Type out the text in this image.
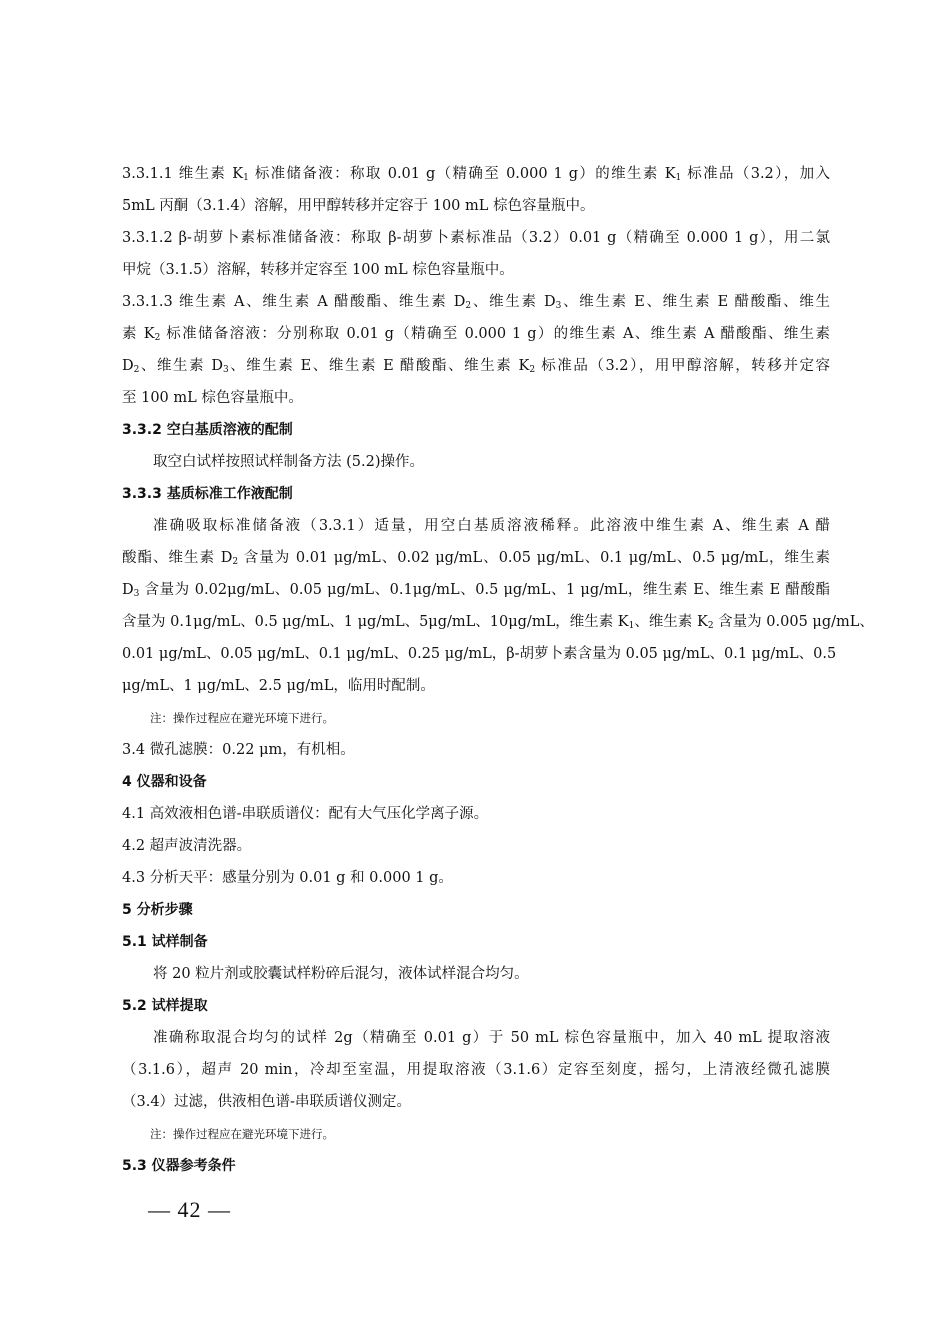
3.3.1.1 维生素 $K_1$ 标准储备液：称取 0.01 g（精确至 0.000 1 g）的维生素 $K_1$ 标准品（3.2），加入
5mL 丙酮（3.1.4）溶解，用甲醇转移并定容于 100 mL 棕色容量瓶中。
3.3.1.2 β-胡萝卜素标准储备液：称取 β-胡萝卜素标准品（3.2）0.01 g（精确至 0.000 1 g），用二氯
甲烷（3.1.5）溶解，转移并定容至 100 mL 棕色容量瓶中。
3.3.1.3 维生素 A、维生素 A 醋酸酯、维生素 $D_2$、维生素 $D_3$、维生素 E、维生素 E 醋酸酯、维生
素 $K_2$ 标准储备溶液：分别称取 0.01 g（精确至 0.000 1 g）的维生素 A、维生素 A 醋酸酯、维生素
$D_2$、维生素 $D_3$、维生素 E、维生素 E 醋酸酯、维生素 $K_2$ 标准品（3.2），用甲醇溶解，转移并定容
至 100 mL 棕色容量瓶中。
3.3.2 空白基质溶液的配制
取空白试样按照试样制备方法 (5.2)操作。
3.3.3 基质标准工作液配制
准确吸取标准储备液（3.3.1）适量，用空白基质溶液稀释。此溶液中维生素 A、维生素 A 醋
酸酯、维生素 $D_2$ 含量为 0.01 μg/mL、0.02 μg/mL、0.05 μg/mL、0.1 μg/mL、0.5 μg/mL，维生素
$D_3$ 含量为 0.02μg/mL、0.05 μg/mL、0.1μg/mL、0.5 μg/mL、1 μg/mL，维生素 E、维生素 E 醋酸酯
含量为 0.1μg/mL、0.5 μg/mL、1 μg/mL、5μg/mL、10μg/mL，维生素 $K_1$、维生素 $K_2$ 含量为 0.005 μg/mL、
0.01 μg/mL、0.05 μg/mL、0.1 μg/mL、0.25 μg/mL，β-胡萝卜素含量为 0.05 μg/mL、0.1 μg/mL、0.5
μg/mL、1 μg/mL、2.5 μg/mL，临用时配制。
注：操作过程应在避光环境下进行。
3.4 微孔滤膜：0.22 μm，有机相。
4 仪器和设备
4.1 高效液相色谱-串联质谱仪：配有大气压化学离子源。
4.2 超声波清洗器。
4.3 分析天平：感量分别为 0.01 g 和 0.000 1 g。
5 分析步骤
5.1 试样制备
将 20 粒片剂或胶囊试样粉碎后混匀，液体试样混合均匀。
5.2 试样提取
准确称取混合均匀的试样 2g（精确至 0.01 g）于 50 mL 棕色容量瓶中，加入 40 mL 提取溶液
（3.1.6），超声 20 min，冷却至室温，用提取溶液（3.1.6）定容至刻度，摇匀，上清液经微孔滤膜
（3.4）过滤，供液相色谱-串联质谱仪测定。
注：操作过程应在避光环境下进行。
5.3 仪器参考条件
— 42 —
